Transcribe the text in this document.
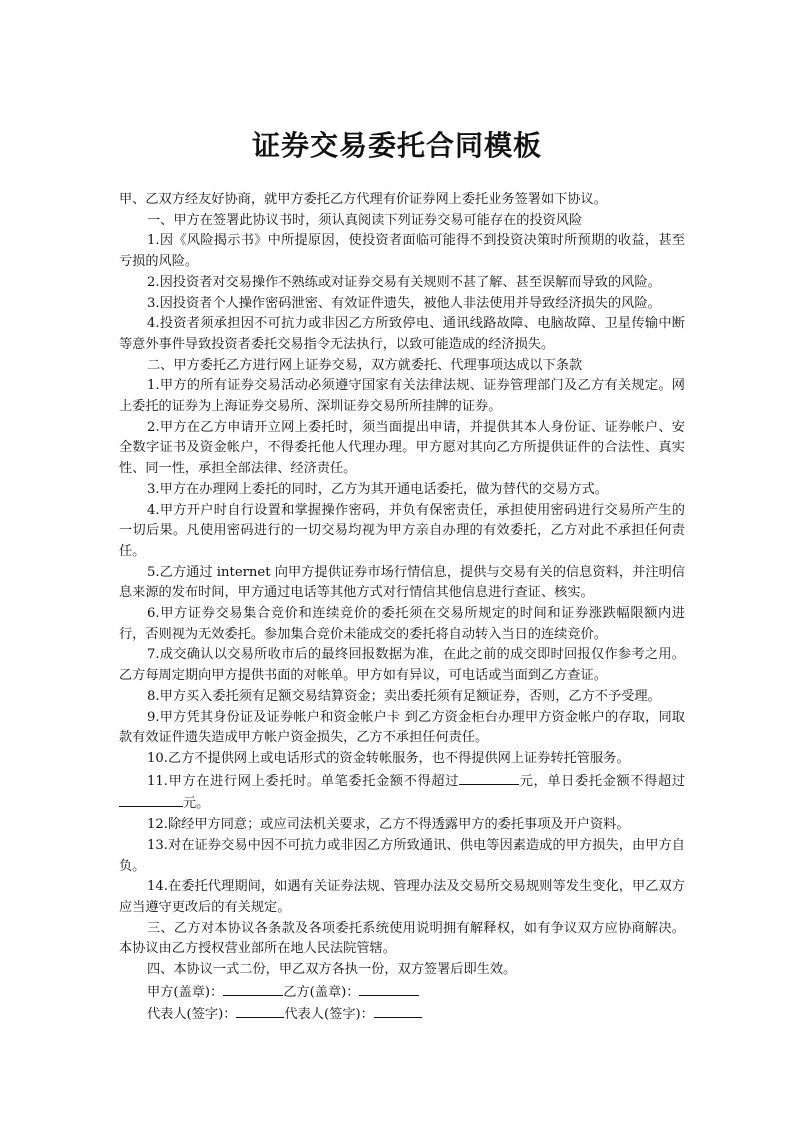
证券交易委托合同模板

甲、乙双方经友好协商，就甲方委托乙方代理有价证券网上委托业务签署如下协议。

一、甲方在签署此协议书时，须认真阅读下列证券交易可能存在的投资风险

1.因《风险揭示书》中所提原因，使投资者面临可能得不到投资决策时所预期的收益，甚至亏损的风险。

2.因投资者对交易操作不熟练或对证券交易有关规则不甚了解、甚至误解而导致的风险。

3.因投资者个人操作密码泄密、有效证件遗失，被他人非法使用并导致经济损失的风险。

4.投资者须承担因不可抗力或非因乙方所致停电、通讯线路故障、电脑故障、卫星传输中断等意外事件导致投资者委托交易指令无法执行，以致可能造成的经济损失。

二、甲方委托乙方进行网上证券交易，双方就委托、代理事项达成以下条款

1.甲方的所有证券交易活动必须遵守国家有关法律法规、证券管理部门及乙方有关规定。网上委托的证券为上海证券交易所、深圳证券交易所所挂牌的证券。

2.甲方在乙方申请开立网上委托时，须当面提出申请，并提供其本人身份证、证券帐户、安全数字证书及资金帐户，不得委托他人代理办理。甲方愿对其向乙方所提供证件的合法性、真实性、同一性，承担全部法律、经济责任。

3.甲方在办理网上委托的同时，乙方为其开通电话委托，做为替代的交易方式。

4.甲方开户时自行设置和掌握操作密码，并负有保密责任，承担使用密码进行交易所产生的一切后果。凡使用密码进行的一切交易均视为甲方亲自办理的有效委托，乙方对此不承担任何责任。

5.乙方通过 internet 向甲方提供证券市场行情信息，提供与交易有关的信息资料，并注明信息来源的发布时间，甲方通过电话等其他方式对行情信其他信息进行查证、核实。

6.甲方证券交易集合竞价和连续竞价的委托须在交易所规定的时间和证券涨跌幅限额内进行，否则视为无效委托。参加集合竞价未能成交的委托将自动转入当日的连续竞价。

7.成交确认以交易所收市后的最终回报数据为准，在此之前的成交即时回报仅作参考之用。乙方每周定期向甲方提供书面的对帐单。甲方如有异议，可电话或当面到乙方查证。

8.甲方买入委托须有足额交易结算资金；卖出委托须有足额证券，否则，乙方不予受理。

9.甲方凭其身份证及证券帐户和资金帐户卡 到乙方资金柜台办理甲方资金帐户的存取，同取款有效证件遗失造成甲方帐户资金损失，乙方不承担任何责任。

10.乙方不提供网上或电话形式的资金转帐服务，也不得提供网上证券转托管服务。

11.甲方在进行网上委托时。单笔委托金额不得超过	元，单日委托金额不得超过元。

12.除经甲方同意；或应司法机关要求，乙方不得透露甲方的委托事项及开户资料。

13.对在证券交易中因不可抗力或非因乙方所致通讯、供电等因素造成的甲方损失，由甲方自负。

14.在委托代理期间，如遇有关证券法规、管理办法及交易所交易规则等发生变化，甲乙双方应当遵守更改后的有关规定。

三、乙方对本协议各条款及各项委托系统使用说明拥有解释权，如有争议双方应协商解决。本协议由乙方授权营业部所在地人民法院管辖。

四、本协议一式二份，甲乙双方各执一份，双方签署后即生效。

甲方(盖章)：	乙方(盖章)：

代表人(签字)：	代表人(签字)：
